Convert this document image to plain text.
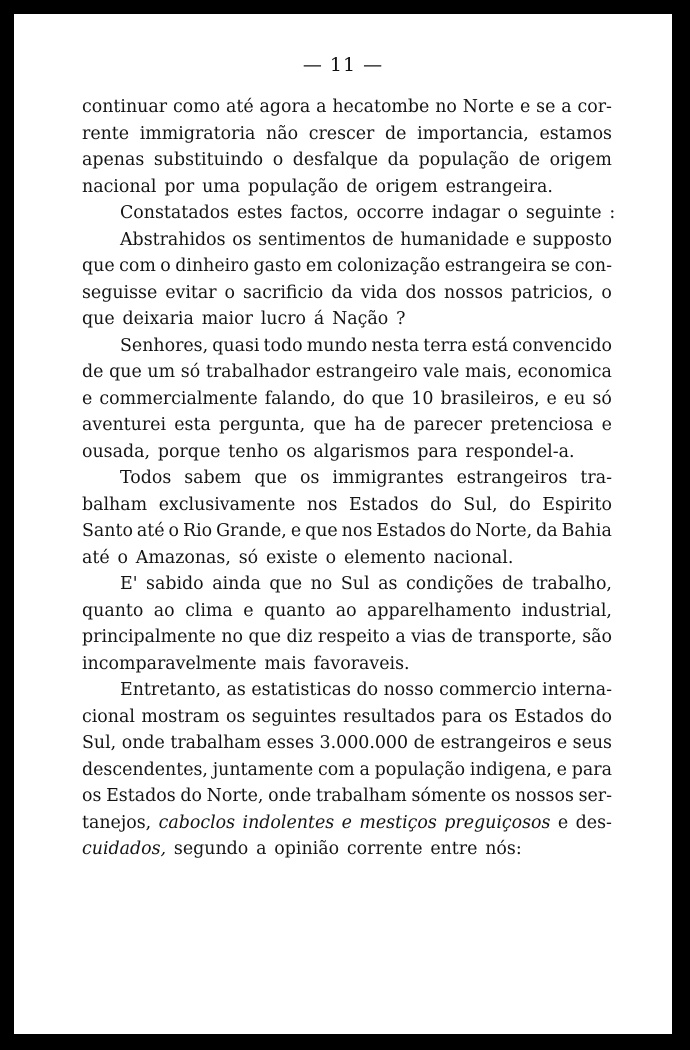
— 11 —
continuar como até agora a hecatombe no Norte e se a cor-
rente immigratoria não crescer de importancia, estamos
apenas substituindo o desfalque da população de origem
nacional por uma população de origem estrangeira.
Constatados estes factos, occorre indagar o seguinte :
Abstrahidos os sentimentos de humanidade e supposto
que com o dinheiro gasto em colonização estrangeira se con-
seguisse evitar o sacrificio da vida dos nossos patricios, o
que deixaria maior lucro á Nação ?
Senhores, quasi todo mundo nesta terra está convencido
de que um só trabalhador estrangeiro vale mais, economica
e commercialmente falando, do que 10 brasileiros, e eu só
aventurei esta pergunta, que ha de parecer pretenciosa e
ousada, porque tenho os algarismos para respondel-a.
Todos sabem que os immigrantes estrangeiros tra-
balham exclusivamente nos Estados do Sul, do Espirito
Santo até o Rio Grande, e que nos Estados do Norte, da Bahia
até o Amazonas, só existe o elemento nacional.
E' sabido ainda que no Sul as condições de trabalho,
quanto ao clima e quanto ao apparelhamento industrial,
principalmente no que diz respeito a vias de transporte, são
incomparavelmente mais favoraveis.
Entretanto, as estatisticas do nosso commercio interna-
cional mostram os seguintes resultados para os Estados do
Sul, onde trabalham esses 3.000.000 de estrangeiros e seus
descendentes, juntamente com a população indigena, e para
os Estados do Norte, onde trabalham sómente os nossos ser-
tanejos, caboclos indolentes e mestiços preguiçosos e des-
cuidados, segundo a opinião corrente entre nós:
